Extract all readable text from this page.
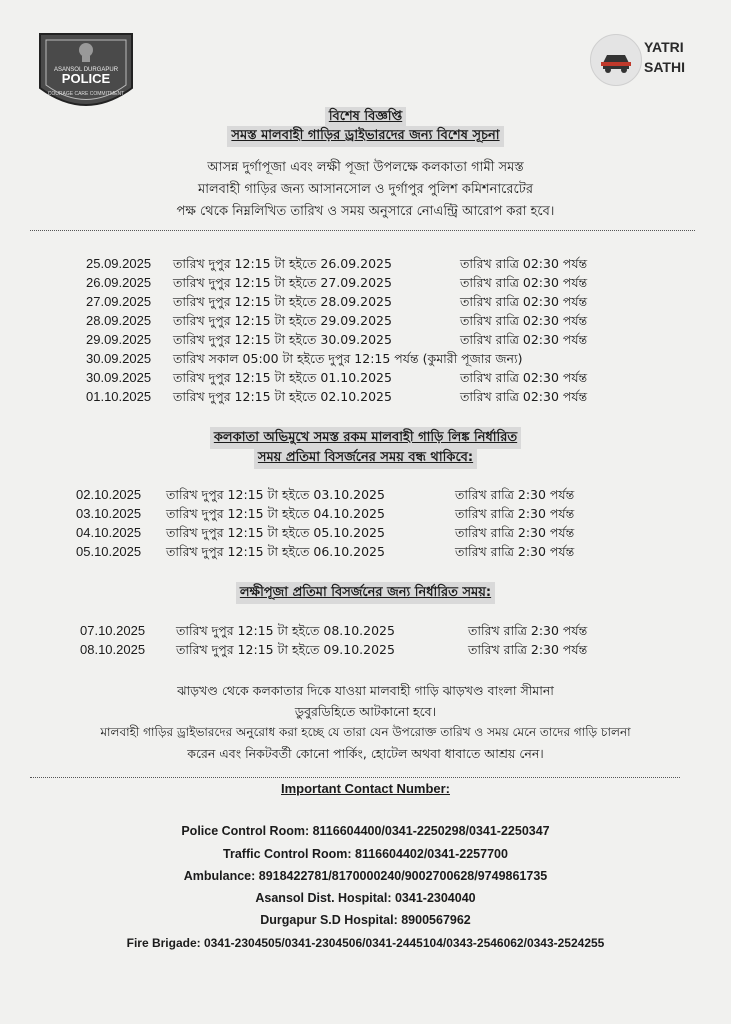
ASANSOL DURGAPUR
POLICE
COURAGE CARE COMMITMENT
YATRI
SATHI
বিশেষ বিজ্ঞপ্তি
সমস্ত মালবাহী গাড়ির ড্রাইভারদের জন্য বিশেষ সূচনা
আসন্ন দুর্গাপূজা এবং লক্ষী পূজা উপলক্ষে কলকাতা গামী সমস্ত
মালবাহী গাড়ির জন্য আসানসোল ও দুর্গাপুর পুলিশ কমিশনারেটের
পক্ষ থেকে নিম্নলিখিত তারিখ ও সময় অনুসারে নোএন্ট্রি আরোপ করা হবে।
25.09.2025 তারিখ দুপুর 12:15 টা হইতে 26.09.2025	তারিখ রাত্রি 02:30 পর্যন্ত
26.09.2025 তারিখ দুপুর 12:15 টা হইতে 27.09.2025	তারিখ রাত্রি 02:30 পর্যন্ত
27.09.2025 তারিখ দুপুর 12:15 টা হইতে 28.09.2025	তারিখ রাত্রি 02:30 পর্যন্ত
28.09.2025 তারিখ দুপুর 12:15 টা হইতে 29.09.2025	তারিখ রাত্রি 02:30 পর্যন্ত
29.09.2025 তারিখ দুপুর 12:15 টা হইতে 30.09.2025	তারিখ রাত্রি 02:30 পর্যন্ত
30.09.2025 তারিখ সকাল 05:00 টা হইতে দুপুর 12:15 পর্যন্ত (কুমারী পূজার জন্য)
30.09.2025 তারিখ দুপুর 12:15 টা হইতে 01.10.2025	তারিখ রাত্রি 02:30 পর্যন্ত
01.10.2025 তারিখ দুপুর 12:15 টা হইতে 02.10.2025	তারিখ রাত্রি 02:30 পর্যন্ত
কলকাতা অভিমুখে সমস্ত রকম মালবাহী গাড়ি লিঙ্ক নির্ধারিত
সময় প্রতিমা বিসর্জনের সময় বন্ধ থাকিবে:
02.10.2025 তারিখ দুপুর 12:15 টা হইতে 03.10.2025	তারিখ রাত্রি 2:30 পর্যন্ত
03.10.2025 তারিখ দুপুর 12:15 টা হইতে 04.10.2025	তারিখ রাত্রি 2:30 পর্যন্ত
04.10.2025 তারিখ দুপুর 12:15 টা হইতে 05.10.2025	তারিখ রাত্রি 2:30 পর্যন্ত
05.10.2025 তারিখ দুপুর 12:15 টা হইতে 06.10.2025	তারিখ রাত্রি 2:30 পর্যন্ত
লক্ষীপূজা প্রতিমা বিসর্জনের জন্য নির্ধারিত সময়:
07.10.2025 তারিখ দুপুর 12:15 টা হইতে 08.10.2025	তারিখ রাত্রি 2:30 পর্যন্ত
08.10.2025 তারিখ দুপুর 12:15 টা হইতে 09.10.2025	তারিখ রাত্রি 2:30 পর্যন্ত
ঝাড়খণ্ড থেকে কলকাতার দিকে যাওয়া মালবাহী গাড়ি ঝাড়খণ্ড বাংলা সীমানা
ডুবুরডিহিতে আটকানো হবে।
মালবাহী গাড়ির ড্রাইভারদের অনুরোধ করা হচ্ছে যে তারা যেন উপরোক্ত তারিখ ও সময় মেনে তাদের গাড়ি চালনা
করেন এবং নিকটবর্তী কোনো পার্কিং, হোটেল অথবা ধাবাতে আশ্রয় নেন।
Important Contact Number:
Police Control Room: 8116604400/0341-2250298/0341-2250347
Traffic Control Room: 8116604402/0341-2257700
Ambulance: 8918422781/8170000240/9002700628/9749861735
Asansol Dist. Hospital: 0341-2304040
Durgapur S.D Hospital: 8900567962
Fire Brigade: 0341-2304505/0341-2304506/0341-2445104/0343-2546062/0343-2524255
